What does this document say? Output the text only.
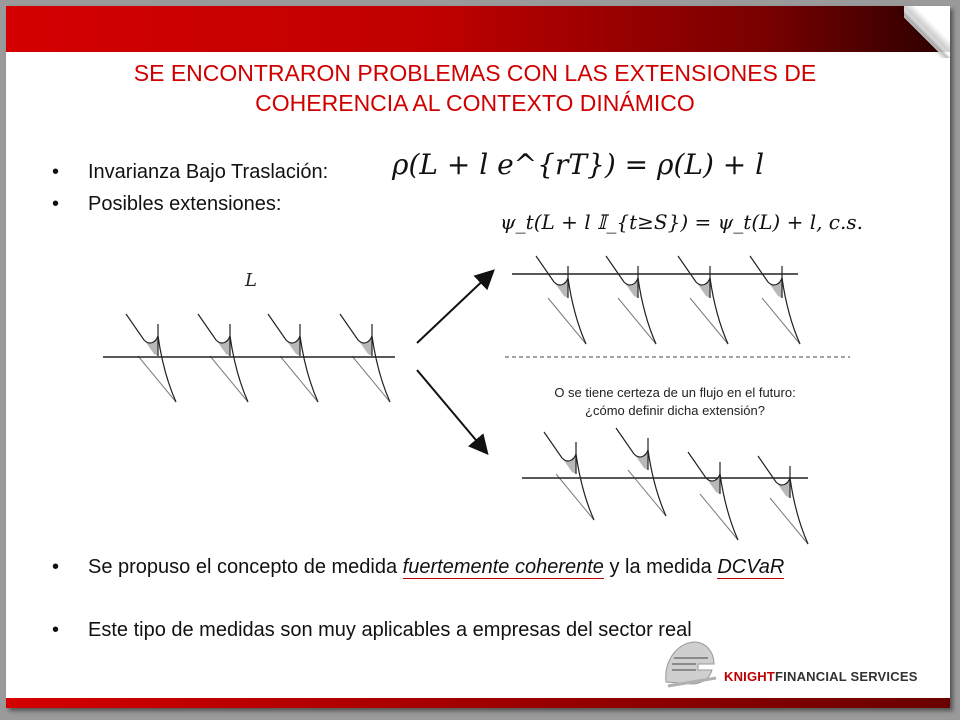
SE ENCONTRARON PROBLEMAS CON LAS EXTENSIONES DE
COHERENCIA AL CONTEXTO DINÁMICO
• Invarianza Bajo Traslación:
• Posibles extensiones:
• Se propuso el concepto de medida fuertemente coherente y la medida DCVaR
• Este tipo de medidas son muy aplicables a empresas del sector real
ρ(L + l e^{rT}) = ρ(L) + l
ψ_t(L + l 𝕀_{t≥S}) = ψ_t(L) + l, c.s.
L
O se tiene certeza de un flujo en el futuro:
¿cómo definir dicha extensión?
KNIGHTFINANCIAL SERVICES
